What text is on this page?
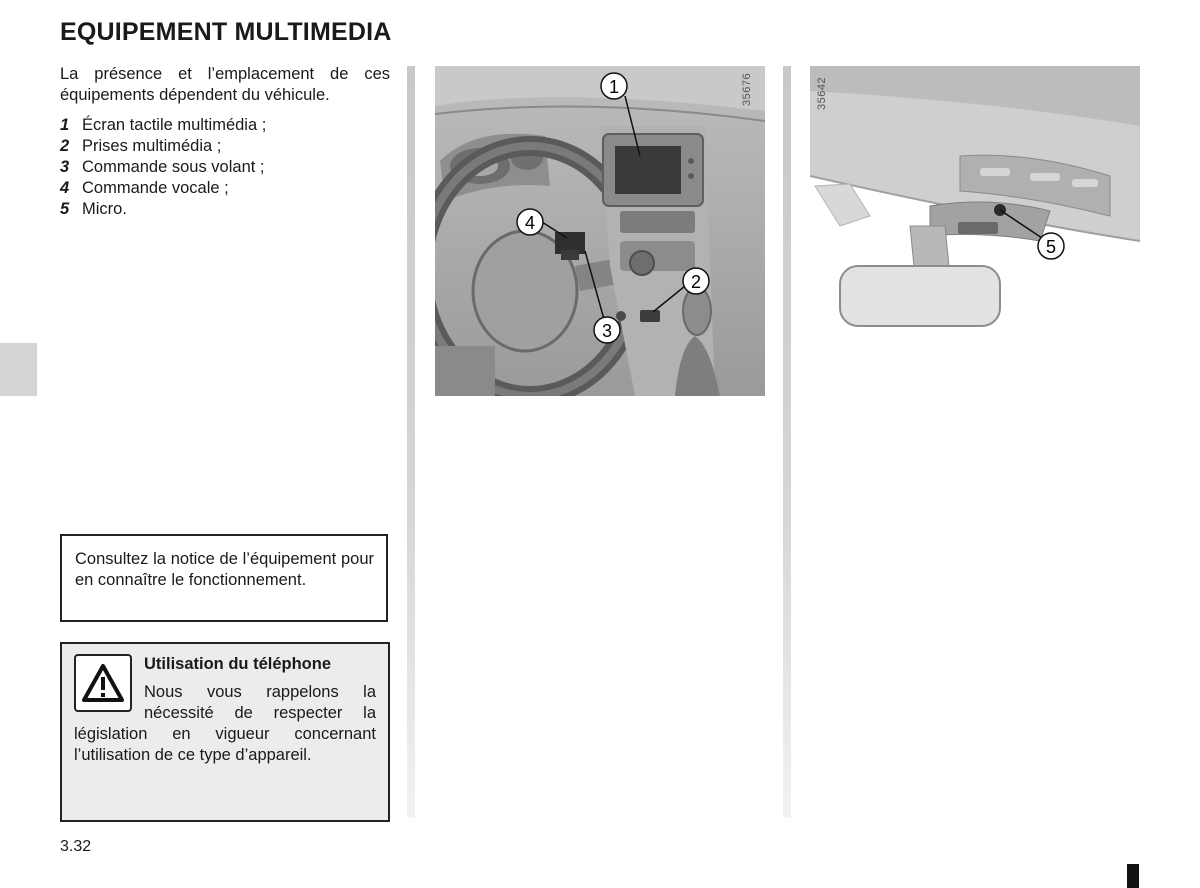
EQUIPEMENT MULTIMEDIA

La présence et l’emplacement de ces équipements dépendent du véhicule.

1 Écran tactile multimédia ;
2 Prises multimédia ;
3 Commande sous volant ;
4 Commande vocale ;
5 Micro.
1
4
3
2
35676
5
35642

Consultez la notice de l’équipement pour en connaître le fonctionnement.

Utilisation du téléphone

Nous vous rappelons la nécessité de respecter la législation en vigueur concernant l’utilisation de ce type d’appareil.

3.32
